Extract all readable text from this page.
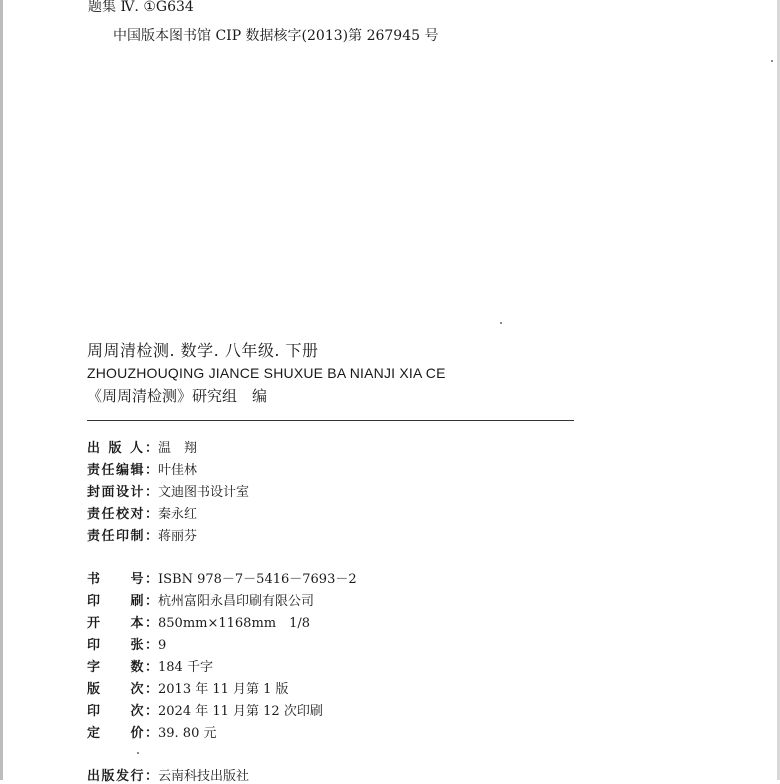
题集 Ⅳ. ①G634
中国版本图书馆 CIP 数据核字(2013)第 267945 号
周周清检测. 数学. 八年级. 下册
ZHOUZHOUQING JIANCE SHUXUE BA NIANJI XIA CE
《周周清检测》研究组　编
出 版 人： 温　翔
责任编辑： 叶佳林
封面设计： 文迪图书设计室
责任校对： 秦永红
责任印制： 蒋丽芬
书　　号： ISBN 978－7－5416－7693－2
印　　刷： 杭州富阳永昌印刷有限公司
开　　本： 850mm×1168mm　1/8
印　　张： 9
字　　数： 184 千字
版　　次： 2013 年 11 月第 1 版
印　　次： 2024 年 11 月第 12 次印刷
定　　价： 39. 80 元
出版发行： 云南科技出版社
